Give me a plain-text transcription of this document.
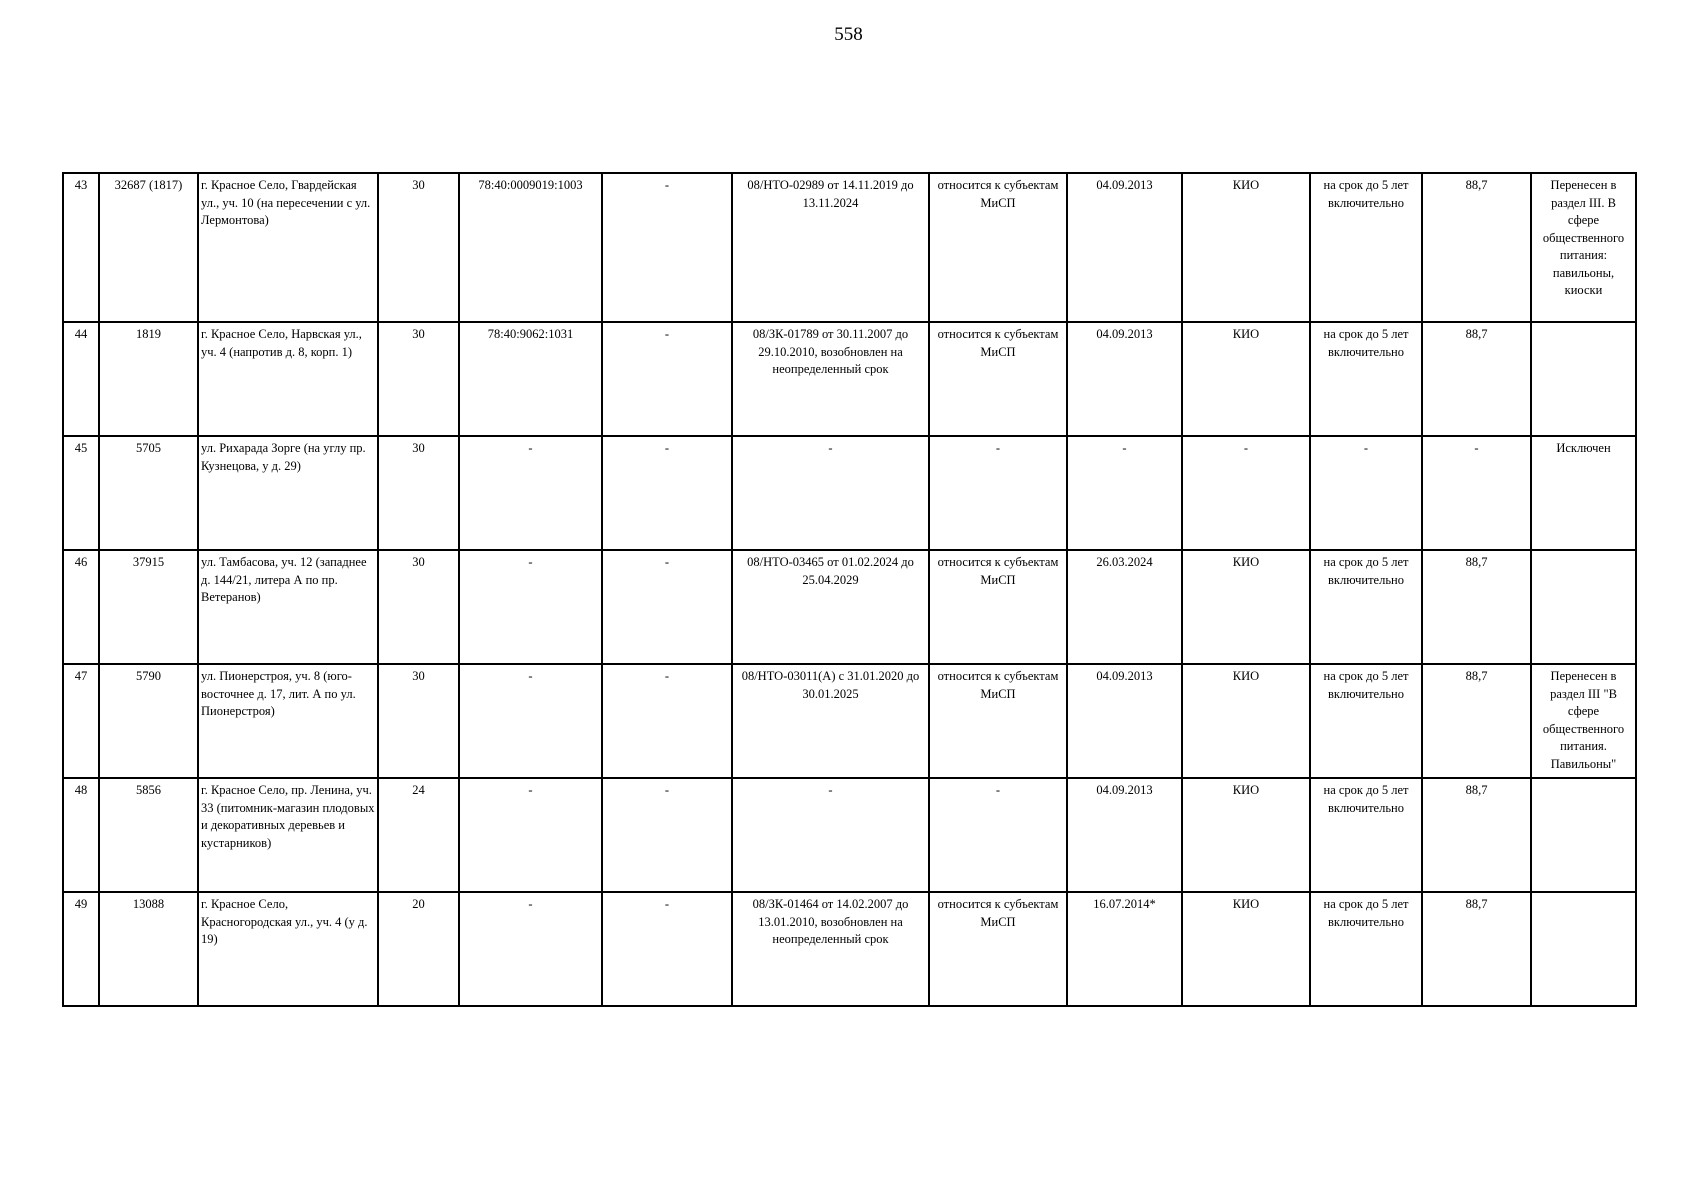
558
43	32687 (1817)	г. Красное Село, Гвардейская ул., уч. 10 (на пересечении с ул. Лермонтова)	30	78:40:0009019:1003	-	08/НТО-02989 от 14.11.2019 до 13.11.2024	относится к субъектам МиСП	04.09.2013	КИО	на срок до 5 лет включительно	88,7	Перенесен в раздел III. В сфере общественного питания: павильоны, киоски
44	1819	г. Красное Село, Нарвская ул., уч. 4 (напротив д. 8, корп. 1)	30	78:40:9062:1031	-	08/ЗК-01789 от 30.11.2007 до 29.10.2010, возобновлен на неопределенный срок	относится к субъектам МиСП	04.09.2013	КИО	на срок до 5 лет включительно	88,7	
45	5705	ул. Рихарада Зорге (на углу пр. Кузнецова, у д. 29)	30	-	-	-	-	-	-	-	-	Исключен
46	37915	ул. Тамбасова, уч. 12 (западнее д. 144/21, литера А по пр. Ветеранов)	30	-	-	08/НТО-03465 от 01.02.2024 до 25.04.2029	относится к субъектам МиСП	26.03.2024	КИО	на срок до 5 лет включительно	88,7	
47	5790	ул. Пионерстроя, уч. 8 (юго-восточнее д. 17, лит. А по ул. Пионерстроя)	30	-	-	08/НТО-03011(А) с 31.01.2020 до 30.01.2025	относится к субъектам МиСП	04.09.2013	КИО	на срок до 5 лет включительно	88,7	Перенесен в раздел III "В сфере общественного питания. Павильоны"
48	5856	г. Красное Село, пр. Ленина, уч. 33 (питомник-магазин плодовых и декоративных деревьев и кустарников)	24	-	-	-	-	04.09.2013	КИО	на срок до 5 лет включительно	88,7	
49	13088	г. Красное Село, Красногородская ул., уч. 4 (у д. 19)	20	-	-	08/ЗК-01464 от 14.02.2007 до 13.01.2010, возобновлен на неопределенный срок	относится к субъектам МиСП	16.07.2014*	КИО	на срок до 5 лет включительно	88,7	
